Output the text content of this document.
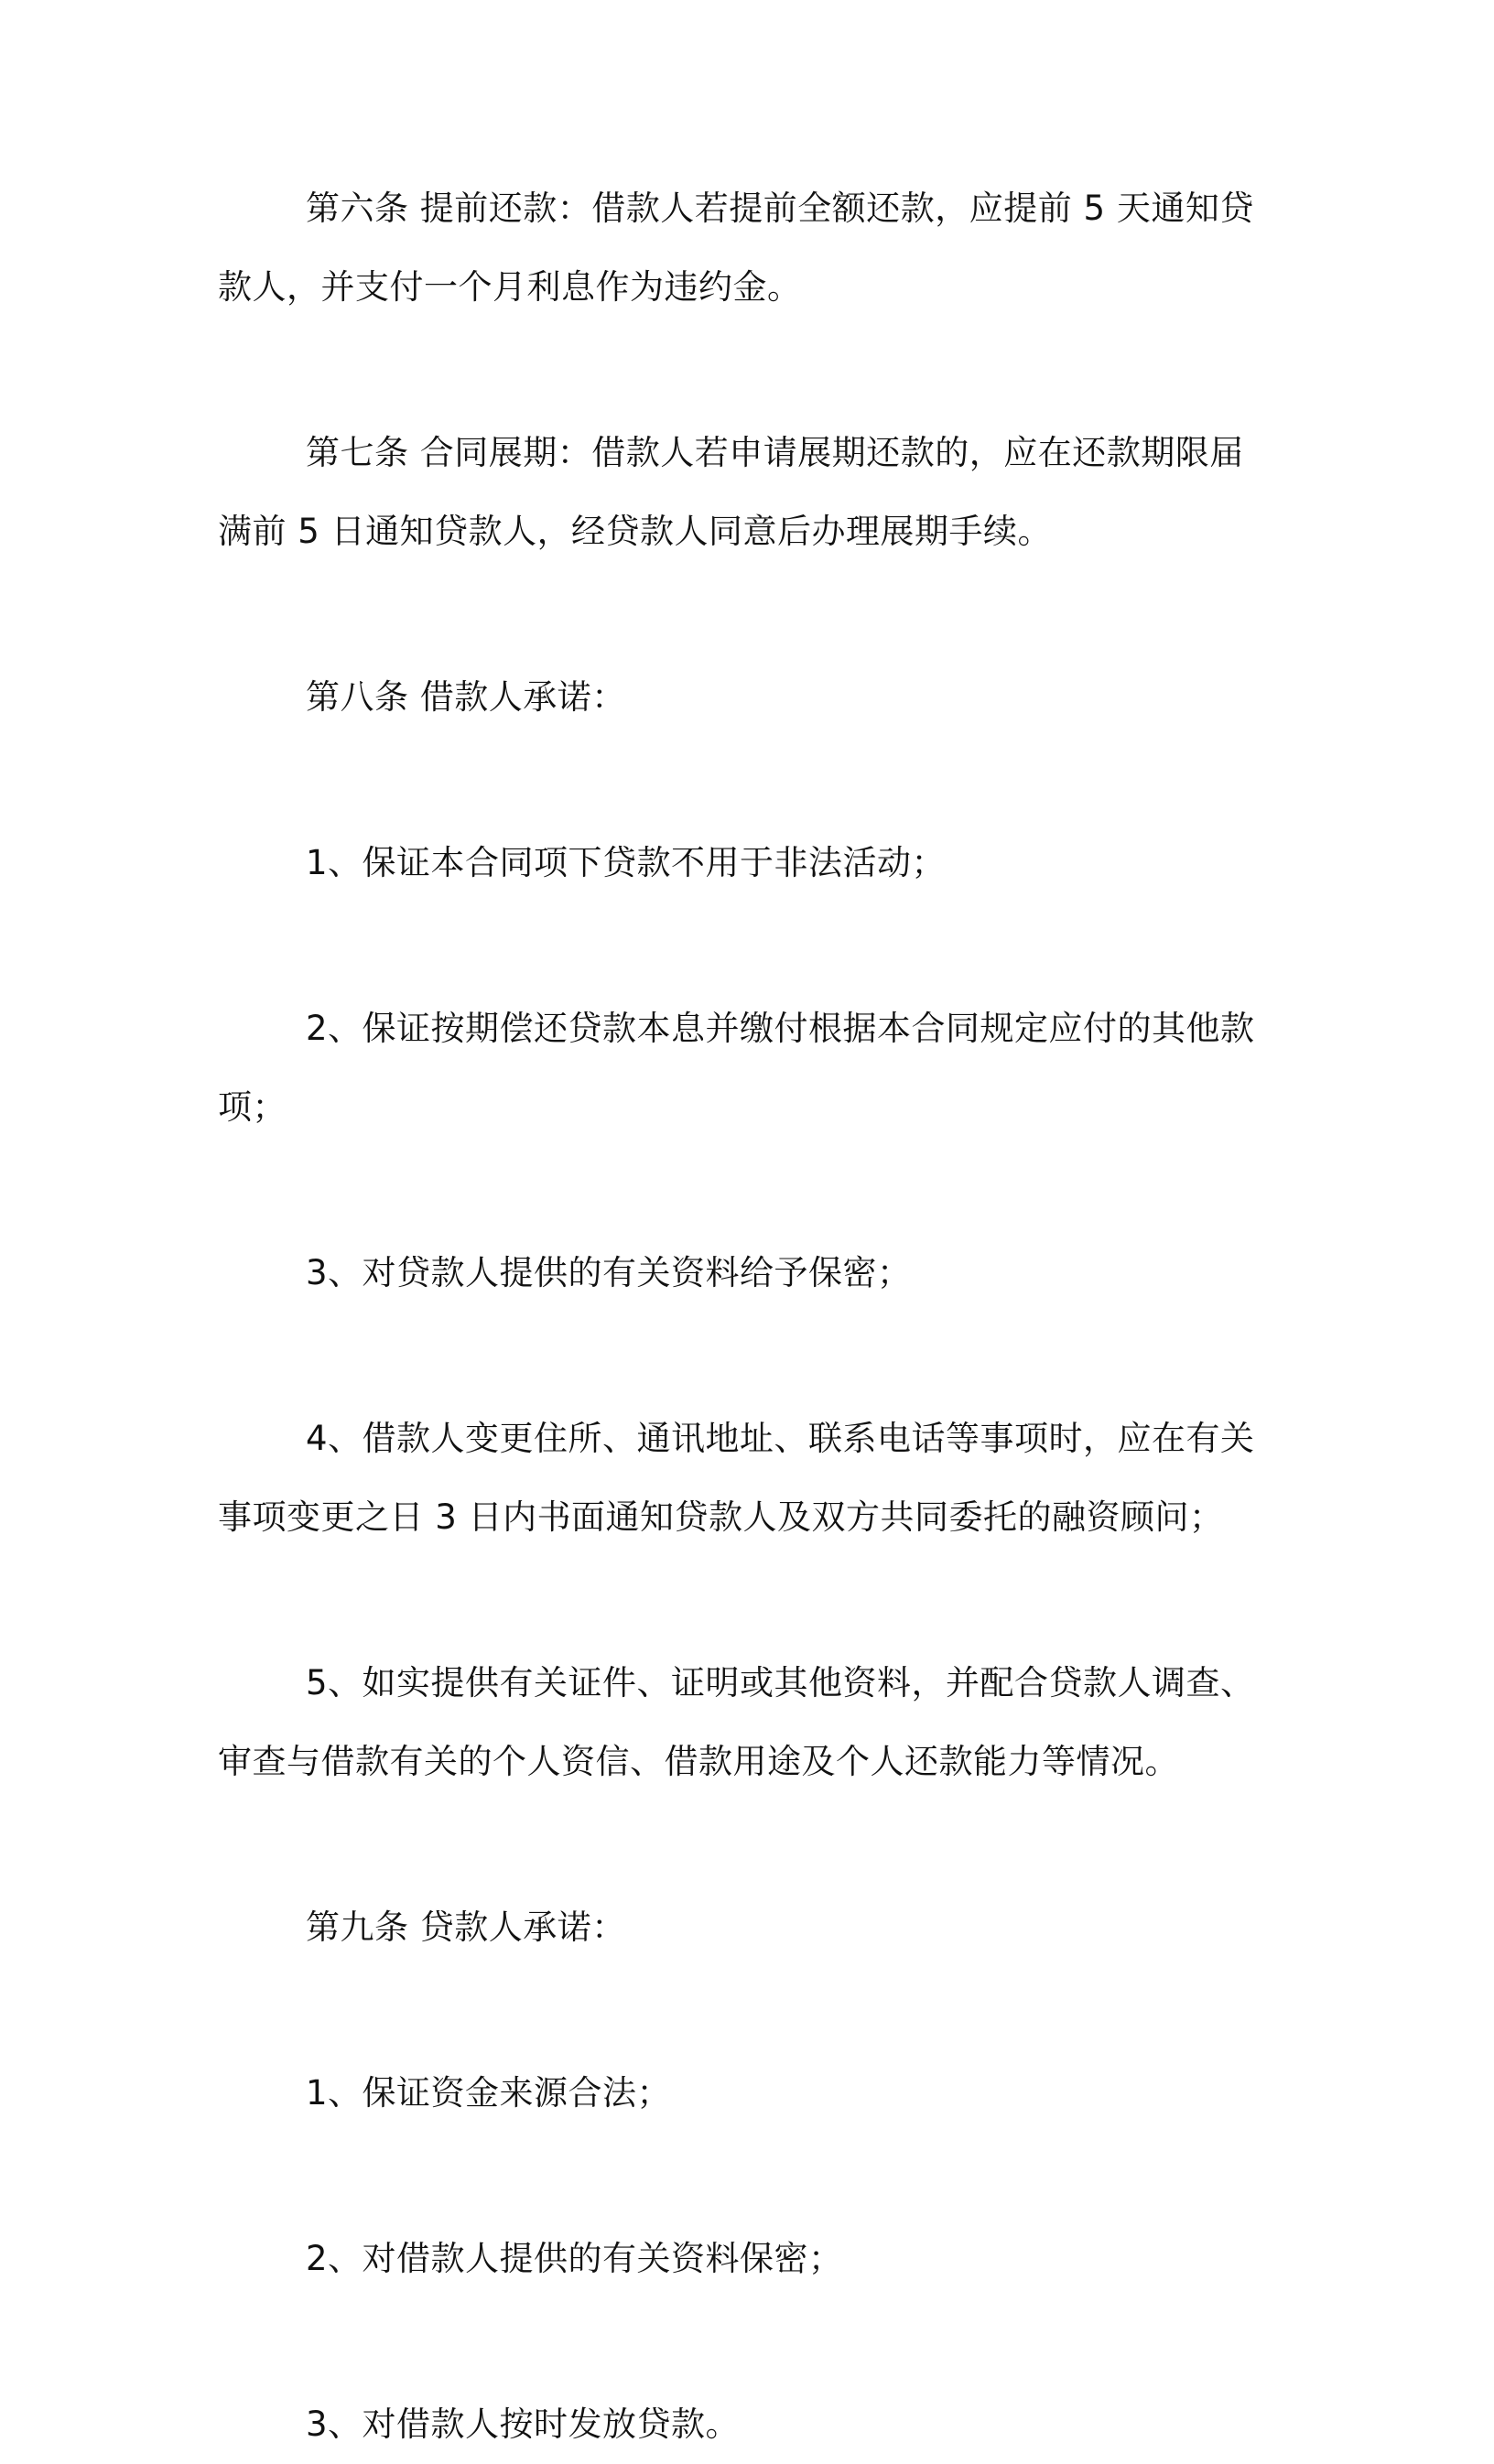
第六条 提前还款：借款人若提前全额还款，应提前 5 天通知贷款人，并支付一个月利息作为违约金。

第七条 合同展期：借款人若申请展期还款的，应在还款期限届满前 5 日通知贷款人，经贷款人同意后办理展期手续。

第八条 借款人承诺：

1、保证本合同项下贷款不用于非法活动；

2、保证按期偿还贷款本息并缴付根据本合同规定应付的其他款项；

3、对贷款人提供的有关资料给予保密；

4、借款人变更住所、通讯地址、联系电话等事项时，应在有关事项变更之日 3 日内书面通知贷款人及双方共同委托的融资顾问；

5、如实提供有关证件、证明或其他资料，并配合贷款人调查、审查与借款有关的个人资信、借款用途及个人还款能力等情况。

第九条 贷款人承诺：

1、保证资金来源合法；

2、对借款人提供的有关资料保密；

3、对借款人按时发放贷款。
